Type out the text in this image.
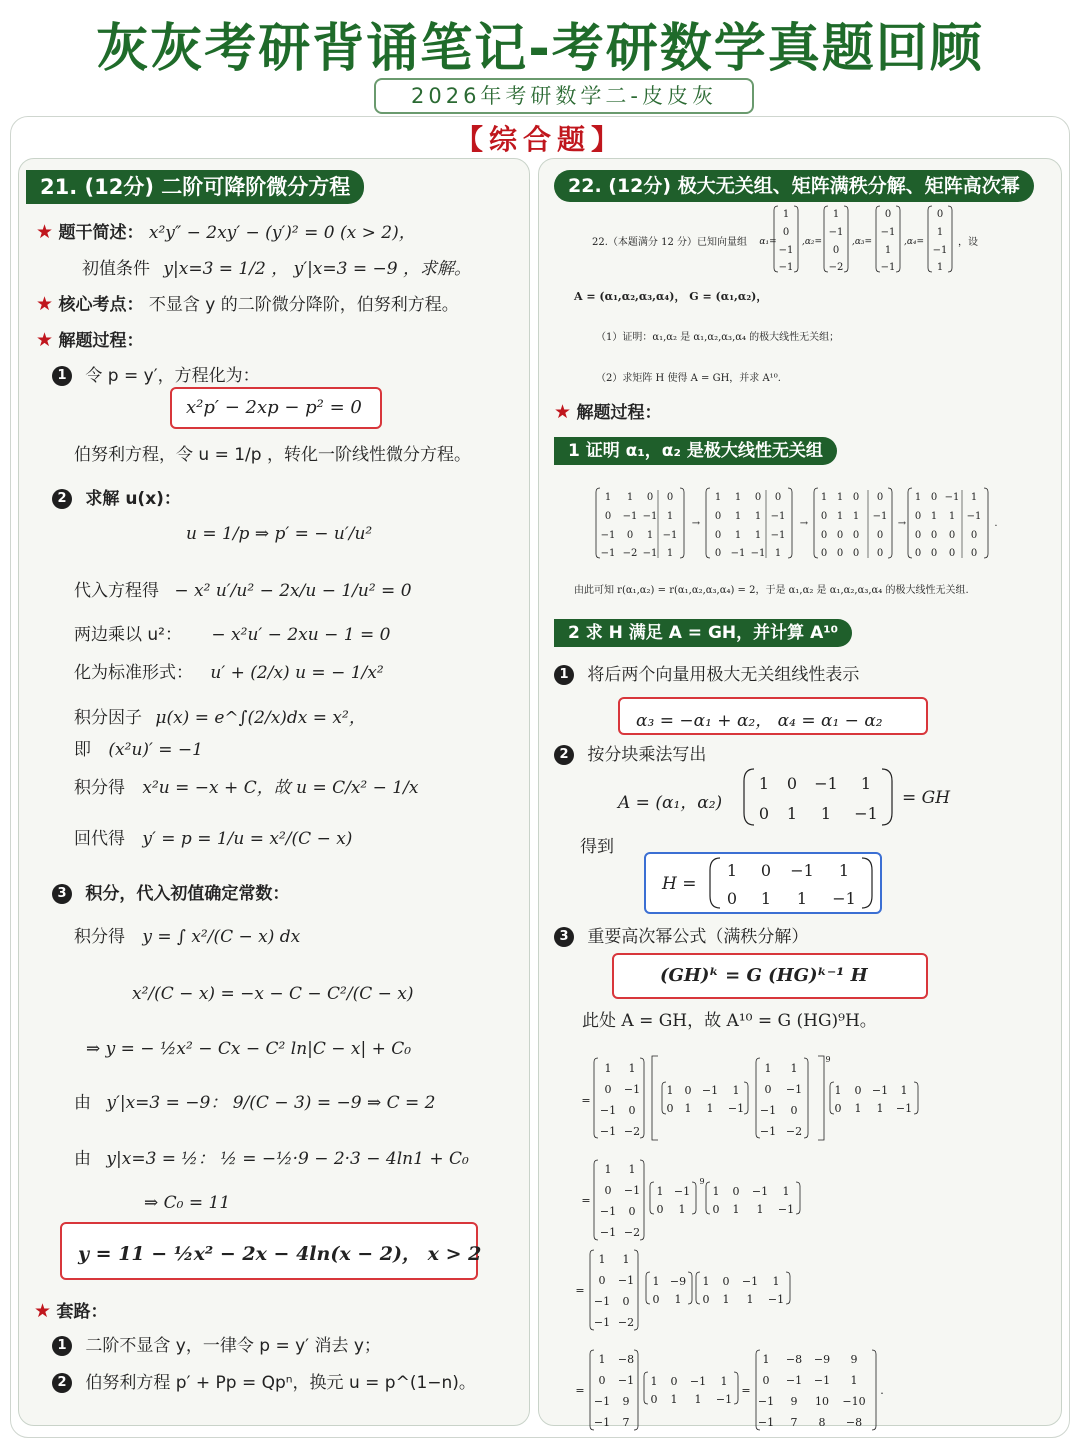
灰灰考研背诵笔记-考研数学真题回顾
2026年考研数学二-皮皮灰
【综合题】
21. (12分) 二阶可降阶微分方程
★ 题干简述： x²y″ − 2xy′ − (y′)² = 0 (x > 2)，
初值条件 y|x=3 = 1/2 ， y′|x=3 = −9 ，求解。
★ 核心考点： 不显含 y 的二阶微分降阶，伯努利方程。
★ 解题过程：
1 令 p = y′，方程化为：
x²p′ − 2xp − p² = 0
伯努利方程，令 u = 1/p ，转化一阶线性微分方程。
2 求解 u(x)：
u = 1/p ⇒ p′ = − u′/u²
代入方程得 − x² u′/u² − 2x/u − 1/u² = 0
两边乘以 u²： − x²u′ − 2xu − 1 = 0
化为标准形式： u′ + (2/x) u = − 1/x²
积分因子 μ(x) = e^∫(2/x)dx = x²，
即 (x²u)′ = −1
积分得 x²u = −x + C，故 u = C/x² − 1/x
回代得 y′ = p = 1/u = x²/(C − x)
3 积分，代入初值确定常数：
积分得 y = ∫ x²/(C − x) dx
x²/(C − x) = −x − C − C²/(C − x)
⇒ y = − ½x² − Cx − C² ln|C − x| + C₀
由 y′|x=3 = −9： 9/(C − 3) = −9 ⇒ C = 2
由 y|x=3 = ½： ½ = −½·9 − 2·3 − 4ln1 + C₀
⇒ C₀ = 11
y = 11 − ½x² − 2x − 4ln(x − 2)， x > 2
★ 套路：
1 二阶不显含 y，一律令 p = y′ 消去 y；
2 伯努利方程 p′ + Pp = Qpⁿ，换元 u = p^(1−n)。
22. (12分) 极大无关组、矩阵满秩分解、矩阵高次幂
22.（本题满分 12 分）已知向量组 α₁=
1
0
−1
−1
,α₂=
1
−1
0
−2
,α₃=
0
−1
1
−1
,α₄=
0
1
−1
1
，设
A = (α₁,α₂,α₃,α₄)， G = (α₁,α₂)，
（1）证明：α₁,α₂ 是 α₁,α₂,α₃,α₄ 的极大线性无关组；
（2）求矩阵 H 使得 A = GH，并求 A¹⁰.
★ 解题过程：
1 证明 α₁，α₂ 是极大线性无关组
1 1 0 0
0 −1 −1 1
−1 0 1 −1
−1 −2 −1 1
→
1 1 0 0
0 1 1 −1
0 1 1 −1
0 −1 −1 1
→
1 1 0 0
0 1 1 −1
0 0 0 0
0 0 0 0
→
1 0 −1 1
0 1 1 −1
0 0 0 0
0 0 0 0
.
由此可知 r(α₁,α₂) = r(α₁,α₂,α₃,α₄) = 2，于是 α₁,α₂ 是 α₁,α₂,α₃,α₄ 的极大线性无关组.
2 求 H 满足 A = GH，并计算 A¹⁰
1 将后两个向量用极大无关组线性表示
α₃ = −α₁ + α₂， α₄ = α₁ − α₂
2 按分块乘法写出
A = (α₁，α₂)
1 0 −1 1
0 1 1 −1
= GH
得到
H =
1 0 −1 1
0 1 1 −1
3 重要高次幂公式（满秩分解）
(GH)ᵏ = G (HG)ᵏ⁻¹ H
此处 A = GH，故 A¹⁰ = G (HG)⁹H。
=
1 1
0 −1
−1 0
−1 −2
1 0 −1 1
0 1 1 −1
1 1
0 −1
−1 0
−1 −2
9
1 0 −1 1
0 1 1 −1
=
1 1
0 −1
−1 0
−1 −2
1 −1
0 1
9
1 0 −1 1
0 1 1 −1
=
1 1
0 −1
−1 0
−1 −2
1 −9
0 1
1 0 −1 1
0 1 1 −1
=
1 −8
0 −1
−1 9
−1 7
1 0 −1 1
0 1 1 −1
=
1 −8 −9 9
0 −1 −1 1
−1 9 10 −10
−1 7 8 −8
.
